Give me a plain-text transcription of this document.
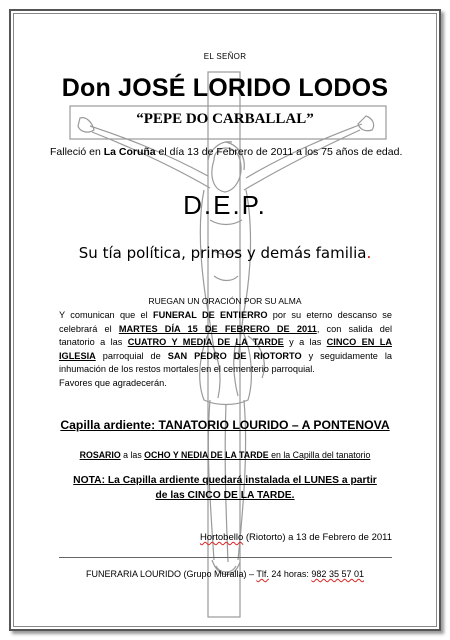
EL SEÑOR
Don JOSÉ LORIDO LODOS
“PEPE DO CARBALLAL”
Falleció en La Coruña el día 13 de Febrero de 2011 a los 75 años de edad.
D.E.P.
Su tía política, primos y demás familia.
RUEGAN UN ORACIÓN POR SU ALMA
Y comunican que el FUNERAL DE ENTIERRO por su eterno descanso se
celebrará el MARTES DÍA 15 DE FEBRERO DE 2011, con salida del
tanatorio a las CUATRO Y MEDIA DE LA TARDE y a las CINCO EN LA
IGLESIA parroquial de SAN PEDRO DE RIOTORTO y seguidamente la
inhumación de los restos mortales en el cementerio parroquial.
Favores que agradecerán.
Capilla ardiente: TANATORIO LOURIDO – A PONTENOVA
ROSARIO a las OCHO Y NEDIA DE LA TARDE en la Capilla del tanatorio
NOTA: La Capilla ardiente quedará instalada el LUNES a partir
de las CINCO DE LA TARDE.
Hortobello (Riotorto) a 13 de Febrero de 2011
FUNERARIA LOURIDO (Grupo Muralla) – Tlf. 24 horas: 982 35 57 01
